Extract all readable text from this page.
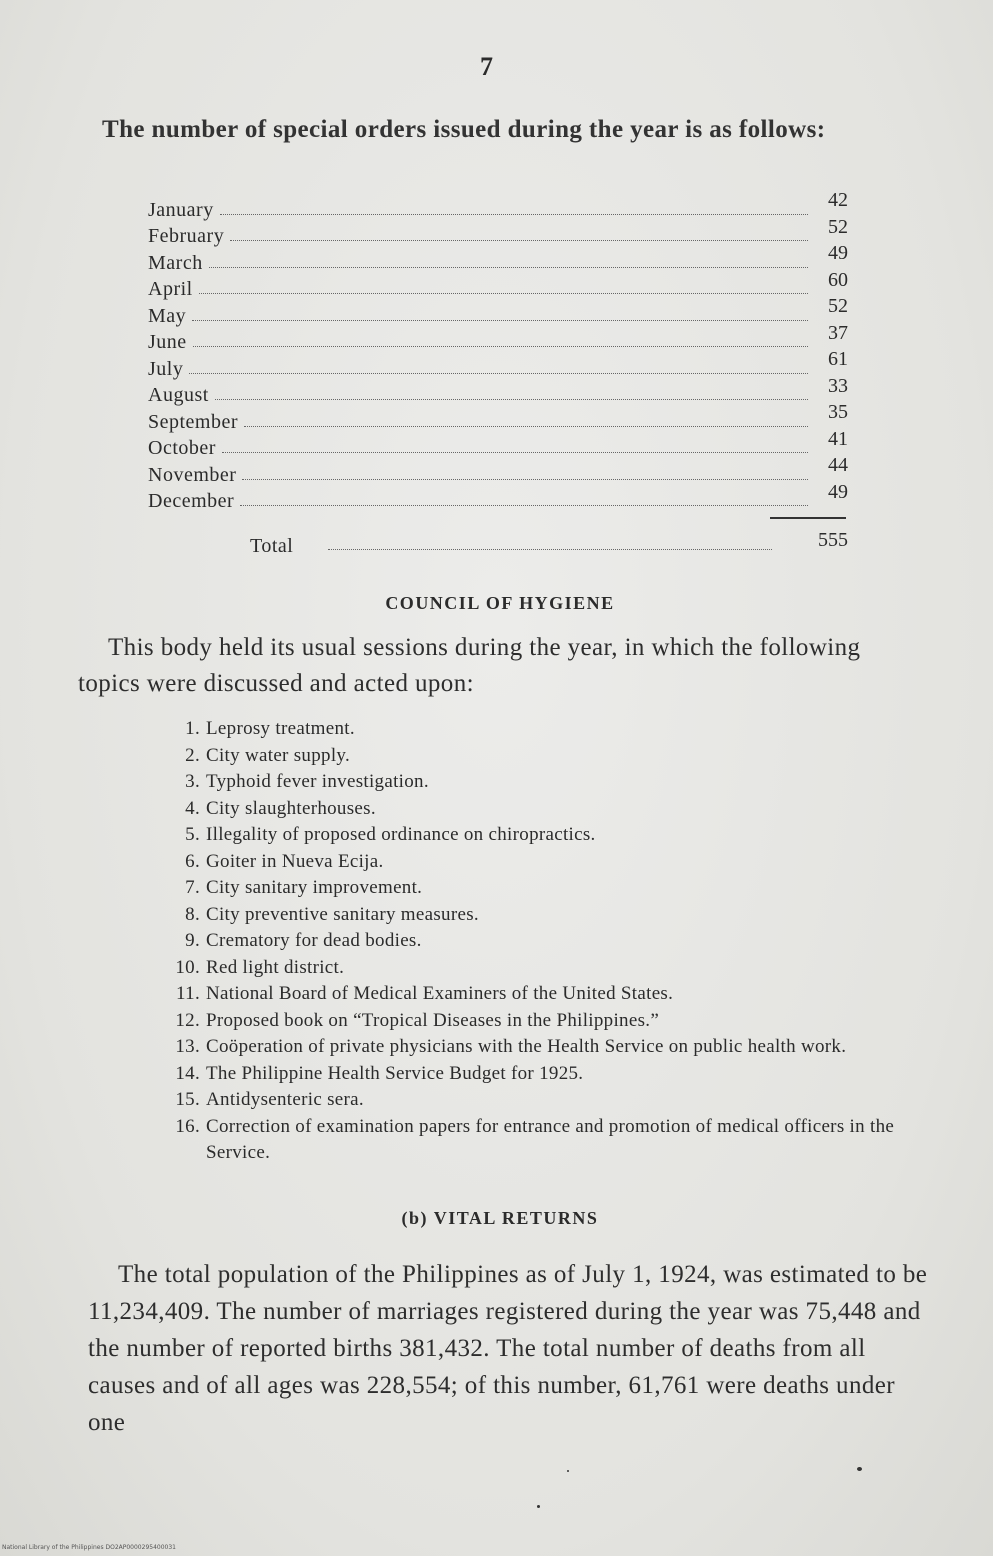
7

The number of special orders issued during the year is as follows:

January	42
February	52
March	49
April	60
May	52
June	37
July	61
August	33
September	35
October	41
November	44
December	49
Total	555
COUNCIL OF HYGIENE

This body held its usual sessions during the year, in which the following topics were discussed and acted upon:

1. Leprosy treatment.
2. City water supply.
3. Typhoid fever investigation.
4. City slaughterhouses.
5. Illegality of proposed ordinance on chiropractics.
6. Goiter in Nueva Ecija.
7. City sanitary improvement.
8. City preventive sanitary measures.
9. Crematory for dead bodies.
10. Red light district.
11. National Board of Medical Examiners of the United States.
12. Proposed book on “Tropical Diseases in the Philippines.”
13. Coöperation of private physicians with the Health Service on public health work.
14. The Philippine Health Service Budget for 1925.
15. Antidysenteric sera.
16. Correction of examination papers for entrance and promotion of medical officers in the Service.
(b) VITAL RETURNS

The total population of the Philippines as of July 1, 1924, was estimated to be 11,234,409. The number of marriages registered during the year was 75,448 and the number of reported births 381,432. The total number of deaths from all causes and of all ages was 228,554; of this number, 61,761 were deaths under one

National Library of the Philippines DO2AP0000295400031
